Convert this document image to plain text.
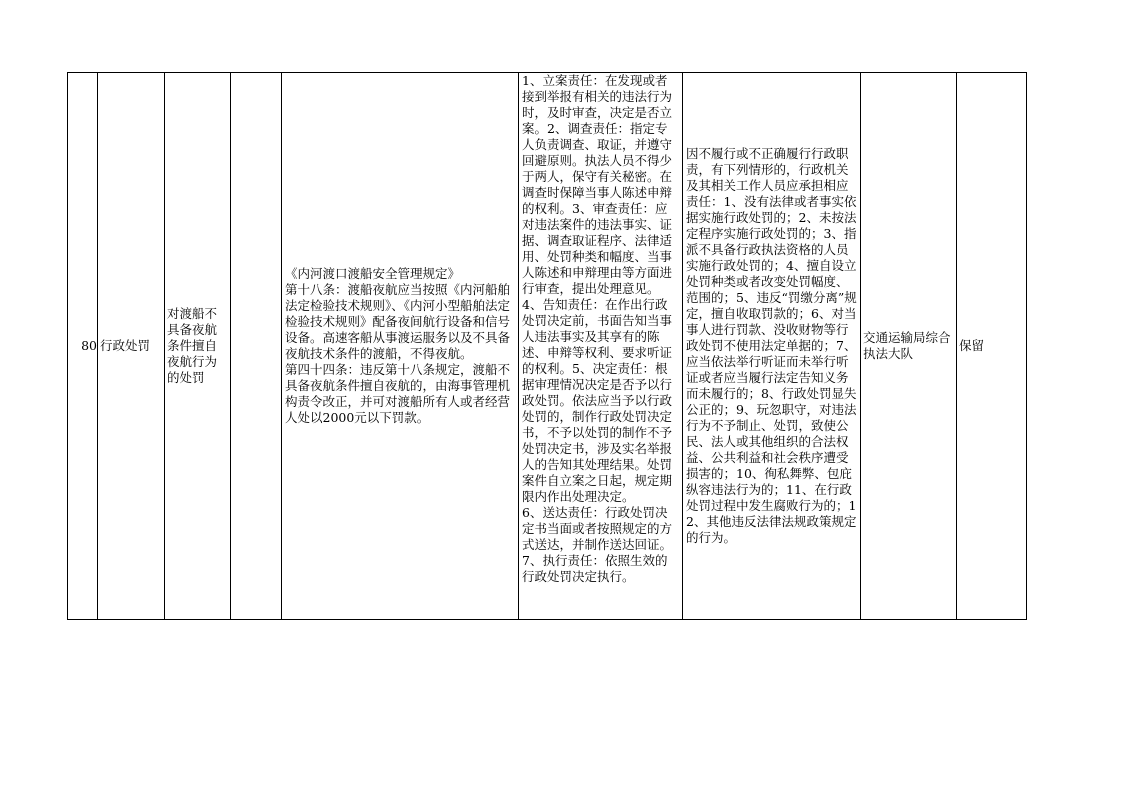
80 行政处罚
对渡船不具备夜航条件擅自夜航行为的处罚
《内河渡口渡船安全管理规定》
第十八条：渡船夜航应当按照《内河船舶法定检验技术规则》、《内河小型船舶法定检验技术规则》配备夜间航行设备和信号设备。高速客船从事渡运服务以及不具备夜航技术条件的渡船，不得夜航。
第四十四条：违反第十八条规定，渡船不具备夜航条件擅自夜航的，由海事管理机构责令改正，并可对渡船所有人或者经营人处以2000元以下罚款。
1、立案责任：在发现或者接到举报有相关的违法行为时，及时审查，决定是否立案。2、调查责任：指定专人负责调查、取证，并遵守回避原则。执法人员不得少于两人，保守有关秘密。在调查时保障当事人陈述申辩的权利。3、审查责任：应对违法案件的违法事实、证据、调查取证程序、法律适用、处罚种类和幅度、当事人陈述和申辩理由等方面进行审查，提出处理意见。4、告知责任：在作出行政处罚决定前，书面告知当事人违法事实及其享有的陈述、申辩等权利、要求听证的权利。5、决定责任：根据审理情况决定是否予以行政处罚。依法应当予以行政处罚的，制作行政处罚决定书，不予以处罚的制作不予处罚决定书，涉及实名举报人的告知其处理结果。处罚案件自立案之日起，规定期限内作出处理决定。
6、送达责任：行政处罚决定书当面或者按照规定的方式送达，并制作送达回证。7、执行责任：依照生效的行政处罚决定执行。
因不履行或不正确履行行政职责，有下列情形的，行政机关及其相关工作人员应承担相应责任：1、没有法律或者事实依据实施行政处罚的；2、未按法定程序实施行政处罚的；3、指派不具备行政执法资格的人员实施行政处罚的；4、擅自设立处罚种类或者改变处罚幅度、范围的；5、违反“罚缴分离”规定，擅自收取罚款的；6、对当事人进行罚款、没收财物等行政处罚不使用法定单据的；7、应当依法举行听证而未举行听证或者应当履行法定告知义务而未履行的；8、行政处罚显失公正的；9、玩忽职守，对违法行为不予制止、处罚，致使公民、法人或其他组织的合法权益、公共利益和社会秩序遭受损害的；10、徇私舞弊、包庇纵容违法行为的；11、在行政处罚过程中发生腐败行为的；12、其他违反法律法规政策规定的行为。
交通运输局综合执法大队
保留
